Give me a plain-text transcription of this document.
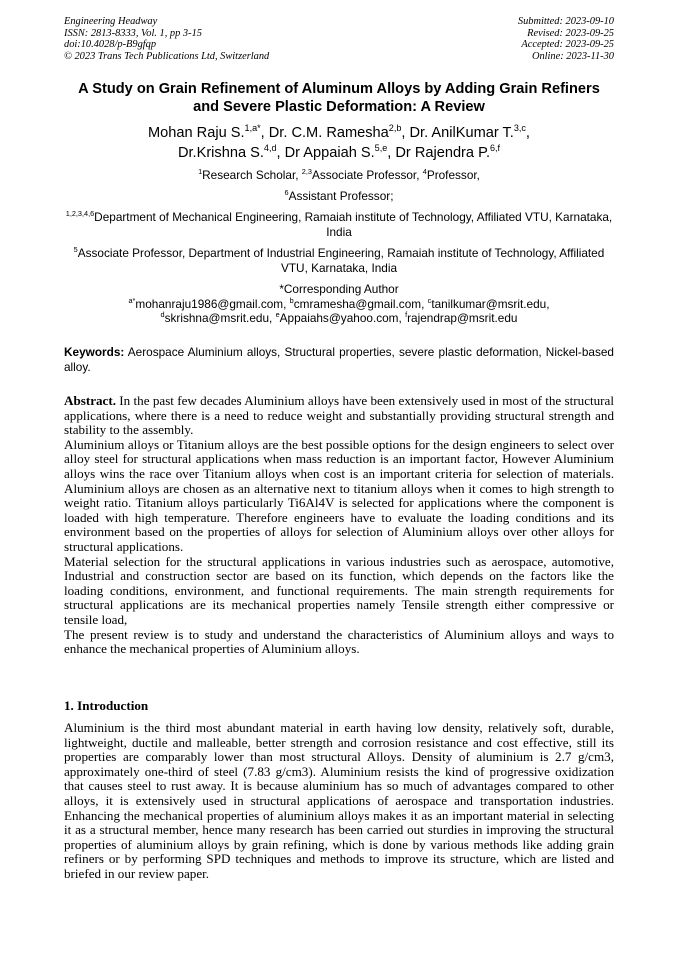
Engineering Headway
ISSN: 2813-8333, Vol. 1, pp 3-15
doi:10.4028/p-B9gfqp
© 2023 Trans Tech Publications Ltd, Switzerland
Submitted: 2023-09-10
Revised: 2023-09-25
Accepted: 2023-09-25
Online: 2023-11-30
A Study on Grain Refinement of Aluminum Alloys by Adding Grain Refiners and Severe Plastic Deformation: A Review
Mohan Raju S.$^{1,a*}$, Dr. C.M. Ramesha$^{2,b}$, Dr. AnilKumar T.$^{3,c}$,
Dr.Krishna S.$^{4,d}$, Dr Appaiah S.$^{5,e}$, Dr Rajendra P.$^{6,f}$
$^1$Research Scholar, $^{2,3}$Associate Professor, $^4$Professor,
$^6$Assistant Professor;
$^{1,2,3,4,6}$Department of Mechanical Engineering, Ramaiah institute of Technology, Affiliated VTU, Karnataka, India
$^5$Associate Professor, Department of Industrial Engineering, Ramaiah institute of Technology, Affiliated VTU, Karnataka, India
*Corresponding Author
$^{a*}$mohanraju1986@gmail.com, $^b$cmramesha@gmail.com, $^c$tanilkumar@msrit.edu,
$^d$skrishna@msrit.edu, $^e$Appaiahs@yahoo.com, $^f$rajendrap@msrit.edu
Keywords: Aerospace Aluminium alloys, Structural properties, severe plastic deformation, Nickel-based alloy.

Abstract. In the past few decades Aluminium alloys have been extensively used in most of the structural applications, where there is a need to reduce weight and substantially providing structural strength and stability to the assembly.

Aluminium alloys or Titanium alloys are the best possible options for the design engineers to select over alloy steel for structural applications when mass reduction is an important factor, However Aluminium alloys wins the race over Titanium alloys when cost is an important criteria for selection of materials. Aluminium alloys are chosen as an alternative next to titanium alloys when it comes to high strength to weight ratio. Titanium alloys particularly Ti6Al4V is selected for applications where the component is loaded with high temperature. Therefore engineers have to evaluate the loading conditions and its environment based on the properties of alloys for selection of Aluminium alloys over other alloys for structural applications.

Material selection for the structural applications in various industries such as aerospace, automotive, Industrial and construction sector are based on its function, which depends on the factors like the loading conditions, environment, and functional requirements. The main strength requirements for structural applications are its mechanical properties namely Tensile strength either compressive or tensile load,

The present review is to study and understand the characteristics of Aluminium alloys and ways to enhance the mechanical properties of Aluminium alloys.

1. Introduction

Aluminium is the third most abundant material in earth having low density, relatively soft, durable, lightweight, ductile and malleable, better strength and corrosion resistance and cost effective, still its properties are comparably lower than most structural Alloys. Density of aluminium is 2.7 g/cm3, approximately one-third of steel (7.83 g/cm3). Aluminium resists the kind of progressive oxidization that causes steel to rust away. It is because aluminium has so much of advantages compared to other alloys, it is extensively used in structural applications of aerospace and transportation industries. Enhancing the mechanical properties of aluminium alloys makes it as an important material in selecting it as a structural member, hence many research has been carried out sturdies in improving the structural properties of aluminium alloys by grain refining, which is done by various methods like adding grain refiners or by performing SPD techniques and methods to improve its structure, which are listed and briefed in our review paper.
